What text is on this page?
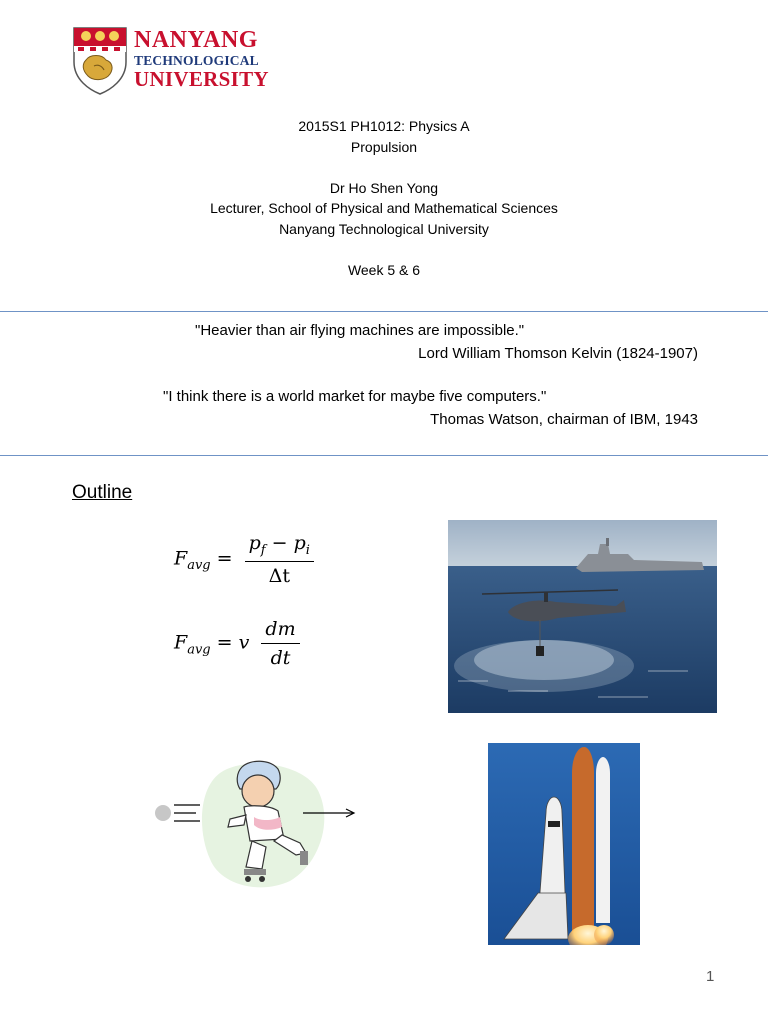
NANYANG
TECHNOLOGICAL
UNIVERSITY
2015S1 PH1012: Physics A
Propulsion
Dr Ho Shen Yong
Lecturer, School of Physical and Mathematical Sciences
Nanyang Technological University
Week 5 & 6
"Heavier than air flying machines are impossible."
Lord William Thomson Kelvin (1824-1907)
"I think there is a world market for maybe five computers."
Thomas Watson, chairman of IBM, 1943
Outline
$F_{avg} = \frac{p_f - p_i}{\Delta t}$
$F_{avg} = v \frac{dm}{dt}$
1
